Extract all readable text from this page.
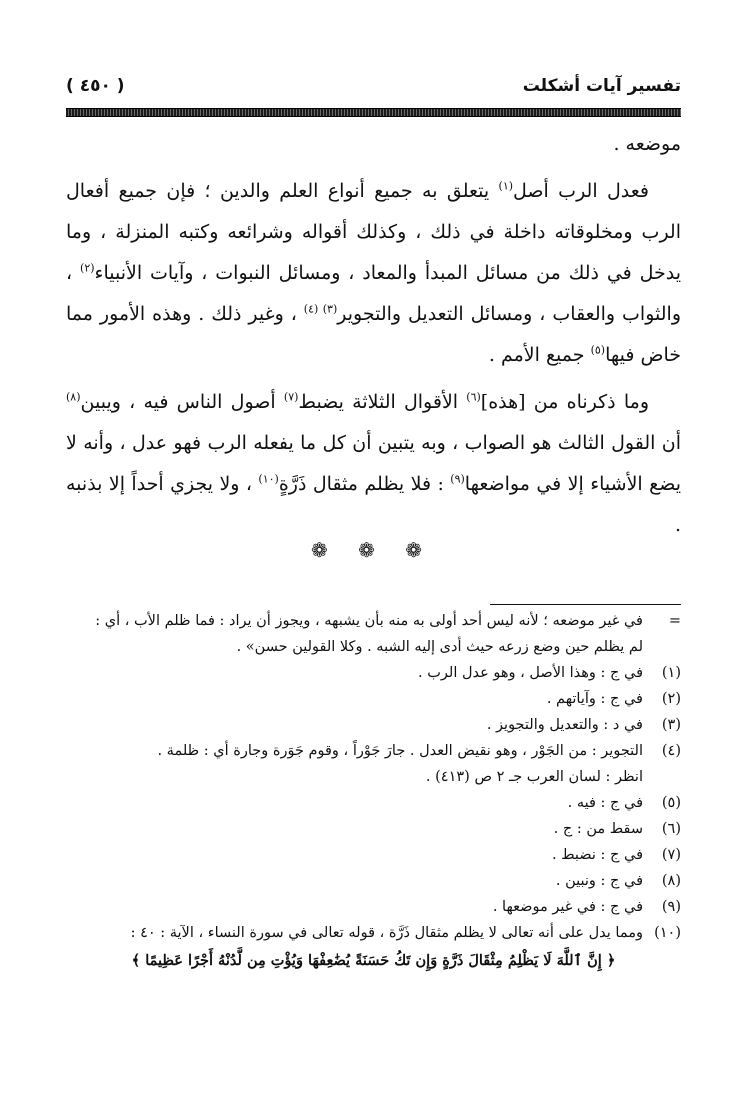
تفسير آيات أشكلت
( ٤٥٠ )

موضعه .

فعدل الرب أصل$^{(١)}$ يتعلق به جميع أنواع العلم والدين ؛ فإن جميع أفعال الرب ومخلوقاته داخلة في ذلك ، وكذلك أقواله وشرائعه وكتبه المنزلة ، وما يدخل في ذلك من مسائل المبدأ والمعاد ، ومسائل النبوات ، وآيات الأنبياء$^{(٢)}$ ، والثواب والعقاب ، ومسائل التعديل والتجوير$^{(٣) (٤)}$ ، وغير ذلك . وهذه الأمور مما خاض فيها$^{(٥)}$ جميع الأمم .

وما ذكرناه من [هذه]$^{(٦)}$ الأقوال الثلاثة يضبط$^{(٧)}$ أصول الناس فيه ، ويبين$^{(٨)}$ أن القول الثالث هو الصواب ، وبه يتبين أن كل ما يفعله الرب فهو عدل ، وأنه لا يضع الأشياء إلا في مواضعها$^{(٩)}$ : فلا يظلم مثقال ذَرَّةٍ$^{(١٠)}$ ، ولا يجزي أحداً إلا بذنبه .

❁ ❁ ❁
=
في غير موضعه ؛ لأنه ليس أحد أولى به منه بأن يشبهه ، ويجوز أن يراد : فما ظلم الأب ، أي :
لم يظلم حين وضع زرعه حيث أدى إليه الشبه . وكلا القولين حسن» .
(١)
في ج : وهذا الأصل ، وهو عدل الرب .
(٢)
في ج : وآياتهم .
(٣)
في د : والتعديل والتجويز .
(٤)
التجوير : من الجَوْر ، وهو نقيض العدل . جارَ جَوْراً ، وقوم جَوَرة وجارة أي : ظلمة .
انظر : لسان العرب جـ ٢ ص (٤١٣) .
(٥)
في ج : فيه .
(٦)
سقط من : ج .
(٧)
في ج : نضبط .
(٨)
في ج : ونبين .
(٩)
في ج : في غير موضعها .
(١٠)
ومما يدل على أنه تعالى لا يظلم مثقال ذَرَّة ، قوله تعالى في سورة النساء ، الآية : ٤٠ :
﴿ إِنَّ ٱللَّهَ لَا يَظْلِمُ مِثْقَالَ ذَرَّةٍ وَإِن تَكُ حَسَنَةً يُضَٰعِفْهَا وَيُؤْتِ مِن لَّدُنْهُ أَجْرًا عَظِيمًا ﴾
